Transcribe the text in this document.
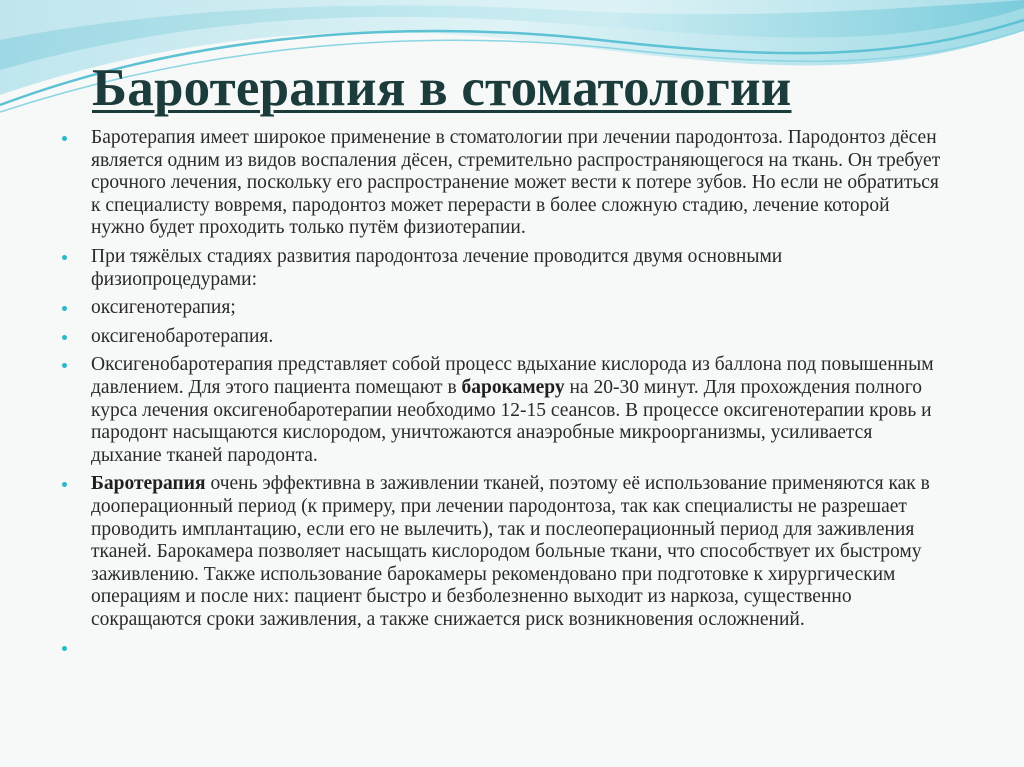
Баротерапия в стоматологии
Баротерапия имеет широкое применение в стоматологии при лечении пародонтоза. Пародонтоз дёсен является одним из видов воспаления дёсен, стремительно распространяющегося на ткань. Он требует срочного лечения, поскольку его распространение может вести к потере зубов. Но если не обратиться к специалисту вовремя, пародонтоз может перерасти в более сложную стадию, лечение которой нужно будет проходить только путём физиотерапии.
При тяжёлых стадиях развития пародонтоза лечение проводится двумя основными физиопроцедурами:
оксигенотерапия;
оксигенобаротерапия.
Оксигенобаротерапия представляет собой процесс вдыхание кислорода из баллона под повышенным давлением. Для этого пациента помещают в барокамеру на 20-30 минут. Для прохождения полного курса лечения оксигенобаротерапии необходимо 12-15 сеансов. В процессе оксигенотерапии кровь и пародонт насыщаются кислородом, уничтожаются анаэробные микроорганизмы, усиливается дыхание тканей пародонта.
Баротерапия очень эффективна в заживлении тканей, поэтому её использование применяются как в дооперационный период (к примеру, при лечении пародонтоза, так как специалисты не разрешает проводить имплантацию, если его не вылечить), так и послеоперационный период для заживления тканей. Барокамера позволяет насыщать кислородом больные ткани, что способствует их быстрому заживлению. Также использование барокамеры рекомендовано при подготовке к хирургическим операциям и после них: пациент быстро и безболезненно выходит из наркоза, существенно сокращаются сроки заживления, а также снижается риск возникновения осложнений.
